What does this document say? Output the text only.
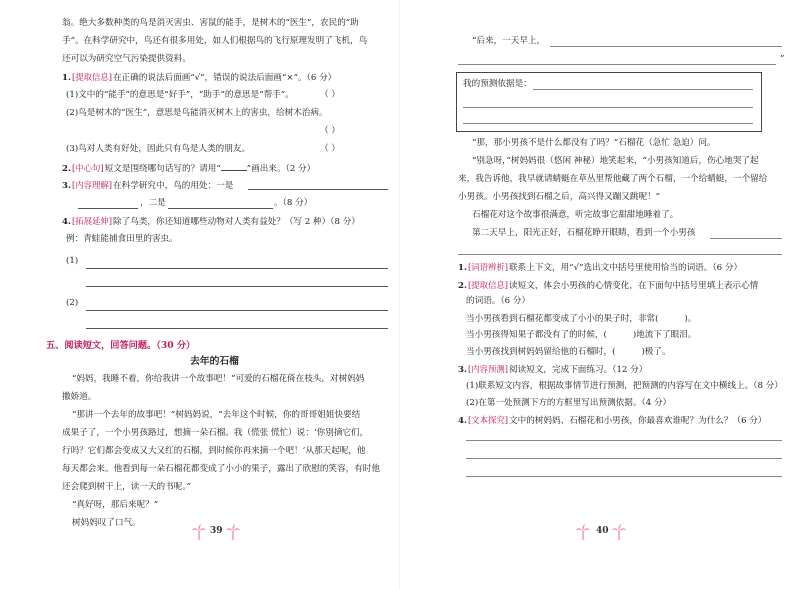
翁。绝大多数种类的鸟是消灭害虫、害鼠的能手，是树木的“医生”，农民的“助
手”。在科学研究中，鸟还有很多用处，如人们根据鸟的飞行原理发明了飞机，鸟
还可以为研究空气污染提供资料。
1.[提取信息]在正确的说法后面画“√”，错误的说法后面画“×”。（6 分）
(1)文中的“能手”的意思是“好手”，“助手”的意思是“帮手”。	（ ）
(2)鸟是树木的“医生”，意思是鸟能消灭树木上的害虫，给树木治病。
（ ）
(3)鸟对人类有好处，因此只有鸟是人类的朋友。	（ ）
2.[中心句]短文是围绕哪句话写的？请用“	”画出来。（2 分）
3.[内容理解]在科学研究中，鸟的用处：一是
，二是	。（8 分）
4.[拓展延伸]除了鸟类，你还知道哪些动物对人类有益处？（写 2 种）（8 分）
例：青蛙能捕食田里的害虫。
(1)
(2)
五、阅读短文，回答问题。（30 分）
去年的石榴
“妈妈，我睡不着，你给我讲一个故事吧！”可爱的石榴花倚在枝头，对树妈妈
撒娇道。
“那讲一个去年的故事吧！”树妈妈说，“去年这个时候，你的哥哥姐姐快要结
成果子了，一个小男孩路过，想摘一朵石榴。我（慌张 慌忙）说：‘你别摘它们，
行吗？它们都会变成又大又红的石榴，到时候你再来摘一个吧！’从那天起呢，他
每天都会来。他看到每一朵石榴花都变成了小小的果子，露出了欣慰的笑容，有时他
还会爬到树干上，读一天的书呢。”
“真好呀，那后来呢？”
树妈妈叹了口气。
39
“后来，一天早上，
”
我的预测依据是：
“那，那小男孩不是什么都没有了吗？”石榴花（急忙 急迫）问。
“别急呀，”树妈妈很（悠闲 神秘）地笑起来，“小男孩知道后，伤心地哭了起
来，我告诉他，我早就请蜻蜓在草丛里帮他藏了两个石榴，一个给蜻蜓，一个留给
小男孩。小男孩找到石榴之后，高兴得又蹦又跳呢！”
石榴花对这个故事很满意，听完故事它甜甜地睡着了。
第二天早上，阳光正好，石榴花睁开眼睛，看到一个小男孩
1.[词语辨析]联系上下文，用“√”选出文中括号里使用恰当的词语。（6 分）
2.[提取信息]读短文，体会小男孩的心情变化，在下面句中括号里填上表示心情
的词语。（6 分）
当小男孩看到石榴花都变成了小小的果子时，非常(	)。
当小男孩得知果子都没有了的时候，(	)地流下了眼泪。
当小男孩找到树妈妈留给他的石榴时，(	)极了。
3.[内容预测]阅读短文，完成下面练习。（12 分）
(1)联系短文内容，根据故事情节进行预测，把预测的内容写在文中横线上。（8 分）
(2)在第一处预测下方的方框里写出预测依据。（4 分）
4.[文本探究]文中的树妈妈、石榴花和小男孩，你最喜欢谁呢？为什么？（6 分）
40
